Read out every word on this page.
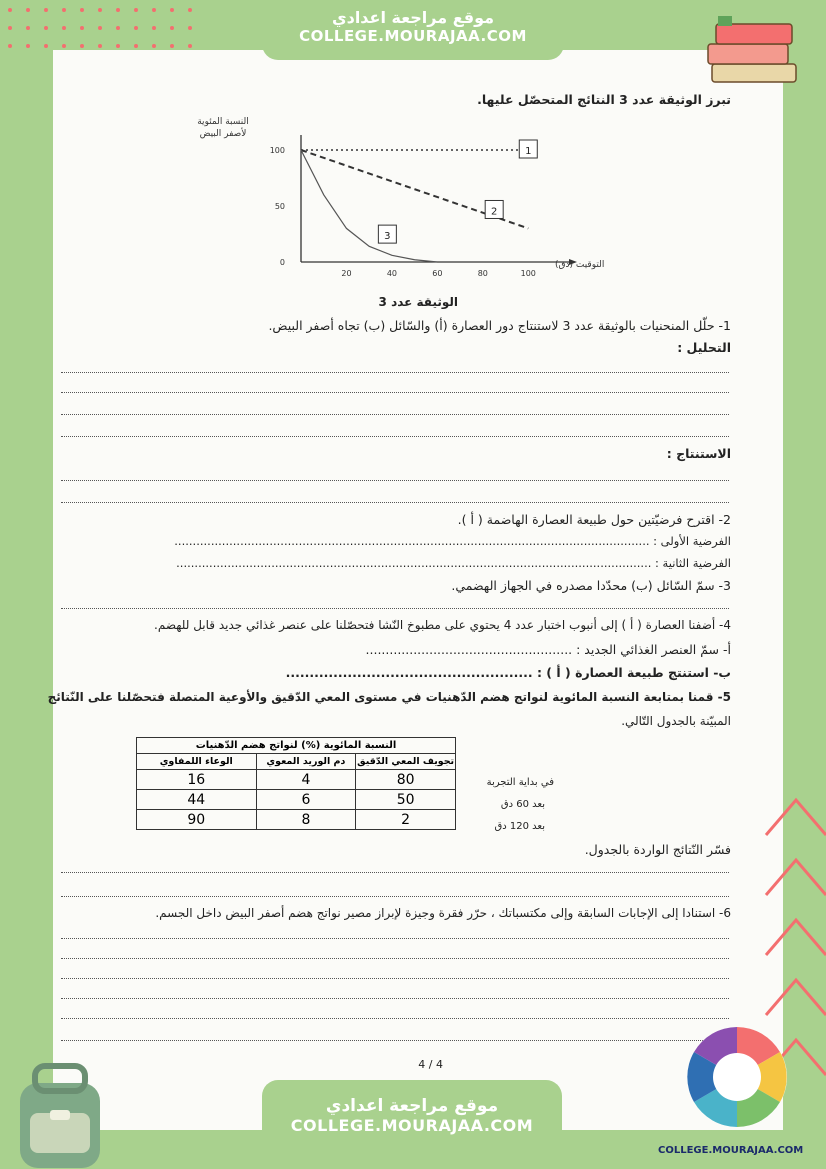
تبرز الوثيقة عدد 3 النتائج المتحصّل عليها.
النسبة المئوية
لأصفر البيض
20	40	60	80	100
100
50
0	التوقيت (دق)
1
2
3
الوثيقة عدد 3
1- حلّل المنحنيات بالوثيقة عدد 3 لاستنتاج دور العصارة (أ) والسّائل (ب) تجاه أصفر البيض.
التحليل :
الاستنتاج :
2- اقترح فرضيّتين حول طبيعة العصارة الهاضمة ( أ ).
الفرضية الأولى : ..................................................................................................................................
الفرضية الثانية : ..................................................................................................................................
3- سمّ السّائل (ب) محدّدا مصدره في الجهاز الهضمي.
4- أضفنا العصارة ( أ ) إلى أنبوب اختبار عدد 4 يحتوي على مطبوخ النّشا فتحصّلنا على عنصر غذائي جديد قابل للهضم.
أ- سمّ العنصر الغذائي الجديد : ....................................................
ب- استنتج طبيعة العصارة ( أ ) : ....................................................
5- قمنا بمتابعة النسبة المائوية لنواتج هضم الدّهنيات في مستوى المعي الدّقيق والأوعية المتصلة فتحصّلنا على النّتائج
المبيّنة بالجدول التّالي.
النسبة المائوية (%) لنواتج هضم الدّهنيات		
الوعاء اللمفاوي	دم الوريد المعوي	تجويف المعي الدّقيق
16	4	80
44	6	50
90	8	2
في بداية التجربة
بعد 60 دق
بعد 120 دق
فسّر النّتائج الواردة بالجدول.
6- استنادا إلى الإجابات السابقة وإلى مكتسباتك ، حرّر فقرة وجيزة لإبراز مصير نواتج هضم أصفر البيض داخل الجسم.
4 / 4
موقع مراجعة اعدادي
COLLEGE.MOURAJAA.COM
موقع مراجعة اعدادي
COLLEGE.MOURAJAA.COM
COLLEGE.MOURAJAA.COM
